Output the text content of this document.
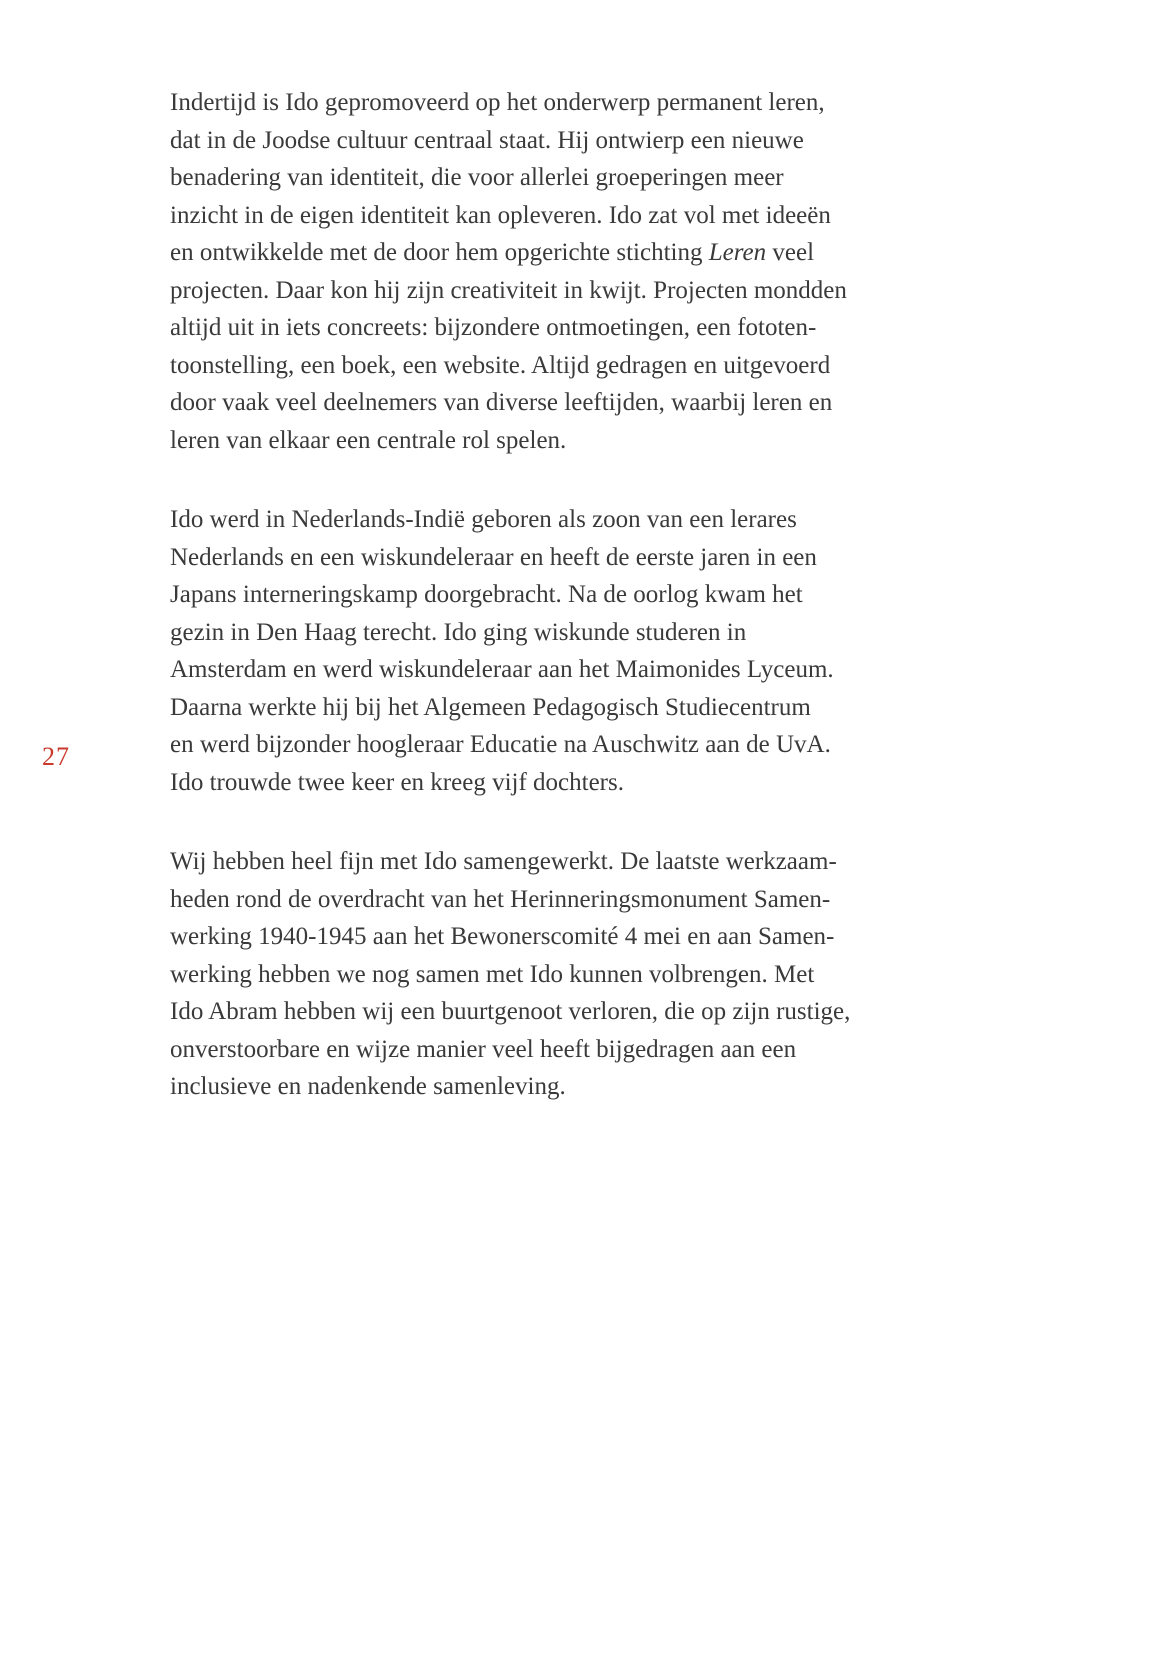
27

Indertijd is Ido gepromoveerd op het onderwerp permanent leren,
dat in de Joodse cultuur centraal staat. Hij ontwierp een nieuwe
benadering van identiteit, die voor allerlei groeperingen meer
inzicht in de eigen identiteit kan opleveren. Ido zat vol met ideeën
en ontwikkelde met de door hem opgerichte stichting Leren veel
projecten. Daar kon hij zijn creativiteit in kwijt. Projecten mondden
altijd uit in iets concreets: bijzondere ontmoetingen, een fototen-
toonstelling, een boek, een website. Altijd gedragen en uitgevoerd
door vaak veel deelnemers van diverse leeftijden, waarbij leren en
leren van elkaar een centrale rol spelen.

Ido werd in Nederlands-Indië geboren als zoon van een lerares
Nederlands en een wiskundeleraar en heeft de eerste jaren in een
Japans interneringskamp doorgebracht. Na de oorlog kwam het
gezin in Den Haag terecht. Ido ging wiskunde studeren in
Amsterdam en werd wiskundeleraar aan het Maimonides Lyceum.
Daarna werkte hij bij het Algemeen Pedagogisch Studiecentrum
en werd bijzonder hoogleraar Educatie na Auschwitz aan de UvA.
Ido trouwde twee keer en kreeg vijf dochters.

Wij hebben heel fijn met Ido samengewerkt. De laatste werkzaam-
heden rond de overdracht van het Herinneringsmonument Samen-
werking 1940-1945 aan het Bewonerscomité 4 mei en aan Samen-
werking hebben we nog samen met Ido kunnen volbrengen. Met
Ido Abram hebben wij een buurtgenoot verloren, die op zijn rustige,
onverstoorbare en wijze manier veel heeft bijgedragen aan een
inclusieve en nadenkende samenleving.
